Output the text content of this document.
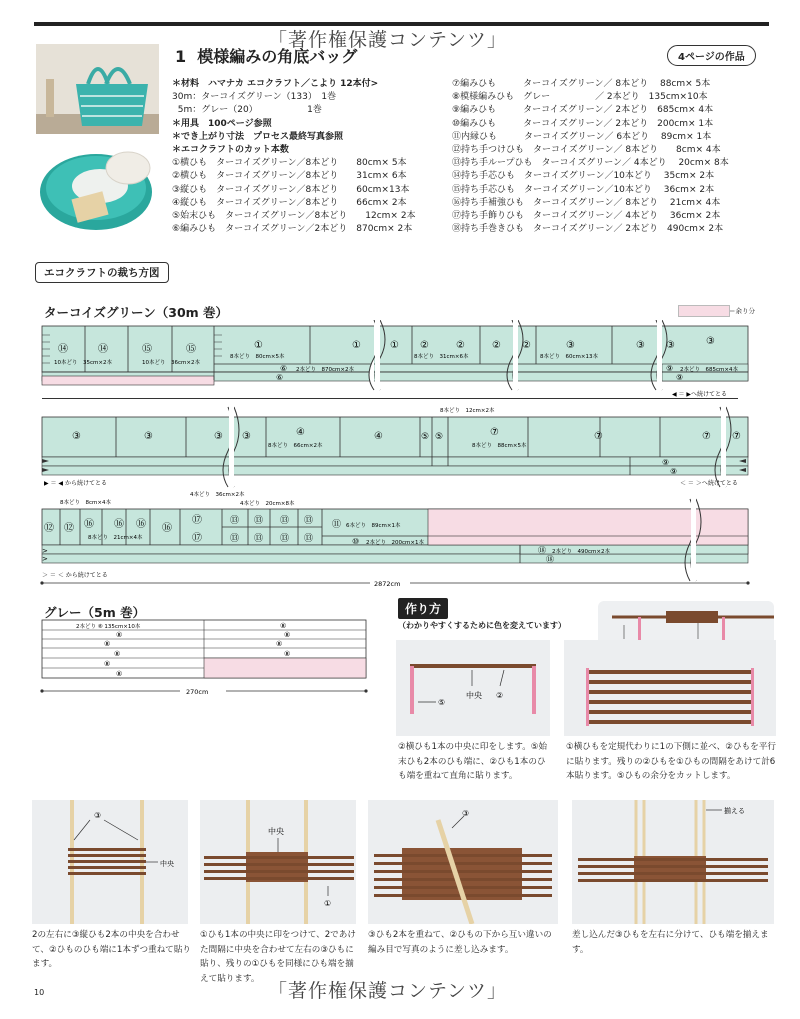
「著作権保護コンテンツ」
1 模様編みの角底バッグ	4ページの作品
＊材料　ハマナカ エコクラフト／こより 12本付>
30m：ターコイズグリーン（133）　1巻
5m：グレー（20）　　　　　　1巻
＊用具　100ページ参照
＊でき上がり寸法　プロセス最終写真参照
＊エコクラフトのカット本数
①横ひも　ターコイズグリーン／8本どり　　80cm× 5本
②横ひも　ターコイズグリーン／8本どり　　31cm× 6本
③縦ひも　ターコイズグリーン／8本どり　　60cm×13本
④縦ひも　ターコイズグリーン／8本どり　　66cm× 2本
⑤始末ひも　ターコイズグリーン／8本どり　　12cm× 2本
⑥編みひも　ターコイズグリーン／2本どり　870cm× 2本
⑦編みひも　　　ターコイズグリーン／ 8本どり　 88cm× 5本
⑧模様編みひも　グレー　　　　　／ 2本どり　135cm×10本
⑨編みひも　　　ターコイズグリーン／ 2本どり　685cm× 4本
⑩編みひも　　　ターコイズグリーン／ 2本どり　200cm× 1本
⑪内縁ひも　　　ターコイズグリーン／ 6本どり　 89cm× 1本
⑫持ち手つけひも　ターコイズグリーン／ 8本どり　　8cm× 4本
⑬持ち手ループひも　ターコイズグリーン／ 4本どり　 20cm× 8本
⑭持ち手芯ひも　ターコイズグリーン／10本どり　 35cm× 2本
⑮持ち手芯ひも　ターコイズグリーン／10本どり　 36cm× 2本
⑯持ち手補強ひも　ターコイズグリーン／ 8本どり　 21cm× 4本
⑰持ち手飾りひも　ターコイズグリーン／ 4本どり　 36cm× 2本
⑱持ち手巻きひも　ターコイズグリーン／ 2本どり　490cm× 2本
エコクラフトの裁ち方図
ターコイズグリーン（30m 巻）	＝余り分
⑭	⑭	⑮	⑮
10本どり　35cm×2本	10本どり　36cm×2本
①
8本どり　80cm×5本
①	① ②
8本どり　31cm×6本
②	② ②	③
8本どり　60cm×13本
③ ③	③
⑥ 2本どり　870cm×2本
⑥
⑨ 2本どり　685cm×4本
⑨
◀ ＝ ▶へ続けてとる
③	③	③ ③	④
8本どり　66cm×2本
④	⑤ ⑤
8本どり　12cm×2本
⑦
8本どり　88cm×5本
⑦	⑦ ⑦
⑨
⑨
▶ ＝ ◀ から続けてとる	＜ ＝ ＞へ続けてとる
>
>
8本どり　8cm×4本
⑫ ⑫ ⑯ ⑯ ⑯ ⑯
8本どり　21cm×4本
4本どり　36cm×2本
⑰
⑰
4本どり　20cm×8本
⑬ ⑬ ⑬ ⑬
⑬ ⑬ ⑬ ⑬
⑪ 6本どり　89cm×1本
⑩ 2本どり　200cm×1本
⑱ 2本どり　490cm×2本
⑱
＞ ＝ ＜ から続けてとる
2872cm
グレー（5m 巻）
2本どり ⑧ 135cm×10本	⑧
⑧	⑧
⑧	⑧
⑧	⑧
⑧
⑧
270cm
作り方
（わかりやすくするために色を変えています）
中央 ②
⑤
②横ひも1本の中央に印をします。⑤始末ひも2本のひも端に、②ひも1本のひも端を重ねて直角に貼ります。
①横ひもを定規代わりに1の下側に並べ、②ひもを平行に貼ります。残りの②ひもを①ひもの間隔をあけて計6本貼ります。⑤ひもの余分をカットします。
③
中央
2の左右に③縦ひも2本の中央を合わせて、②ひものひも端に1本ずつ重ねて貼ります。
中央
①
①ひも1本の中央に印をつけて、2であけた間隔に中央を合わせて左右の③ひもに貼り、残りの①ひもを同様にひも端を揃えて貼ります。
③
③ひも2本を重ねて、②ひもの下から互い違いの編み目で写真のように差し込みます。
揃える
差し込んだ③ひもを左右に分けて、ひも端を揃えます。
10	「著作権保護コンテンツ」
